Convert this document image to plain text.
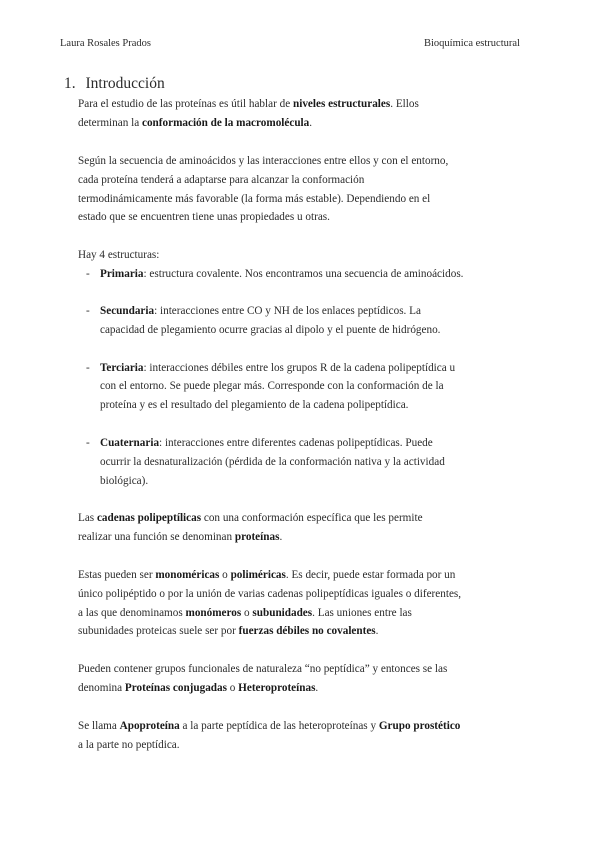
Laura Rosales Prados	Bioquímica estructural
1. Introducción
Para el estudio de las proteínas es útil hablar de niveles estructurales. Ellos
determinan la conformación de la macromolécula.
Según la secuencia de aminoácidos y las interacciones entre ellos y con el entorno,
cada proteína tenderá a adaptarse para alcanzar la conformación
termodinámicamente más favorable (la forma más estable). Dependiendo en el
estado que se encuentren tiene unas propiedades u otras.
Hay 4 estructuras:
- Primaria: estructura covalente. Nos encontramos una secuencia de aminoácidos.
- Secundaria: interacciones entre CO y NH de los enlaces peptídicos. La
capacidad de plegamiento ocurre gracias al dipolo y el puente de hidrógeno.
- Terciaria: interacciones débiles entre los grupos R de la cadena polipeptídica u
con el entorno. Se puede plegar más. Corresponde con la conformación de la
proteína y es el resultado del plegamiento de la cadena polipeptídica.
- Cuaternaria: interacciones entre diferentes cadenas polipeptídicas. Puede
ocurrir la desnaturalización (pérdida de la conformación nativa y la actividad
biológica).
Las cadenas polipeptílicas con una conformación específica que les permite
realizar una función se denominan proteínas.
Estas pueden ser monoméricas o poliméricas. Es decir, puede estar formada por un
único polipéptido o por la unión de varias cadenas polipeptídicas iguales o diferentes,
a las que denominamos monómeros o subunidades. Las uniones entre las
subunidades proteicas suele ser por fuerzas débiles no covalentes.
Pueden contener grupos funcionales de naturaleza “no peptídica” y entonces se las
denomina Proteínas conjugadas o Heteroproteínas.
Se llama Apoproteína a la parte peptídica de las heteroproteínas y Grupo prostético
a la parte no peptídica.
